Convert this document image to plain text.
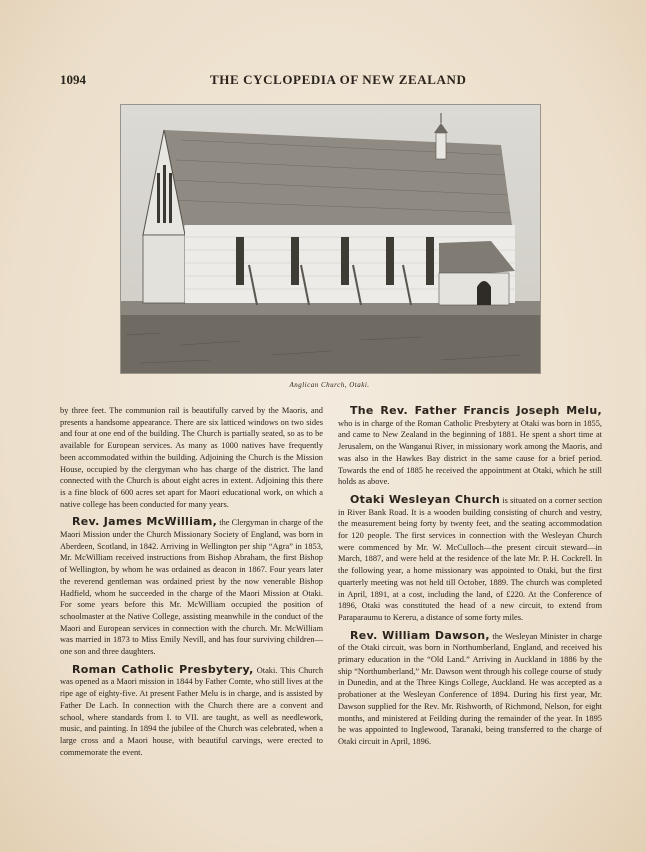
1094	THE CYCLOPEDIA OF NEW ZEALAND
Anglican Church, Otaki.

by three feet. The communion rail is beautifully carved by the Maoris, and presents a handsome appearance. There are six latticed windows on two sides and four at one end of the building. The Church is partially seated, so as to be available for European services. As many as 1000 natives have frequently been accommodated within the building. Adjoining the Church is the Mission House, occupied by the clergyman who has charge of the district. The land connected with the Church is about eight acres in extent. Adjoining this there is a fine block of 600 acres set apart for Maori educational work, on which a native college has been conducted for many years.

Rev. James McWilliam, the Clergyman in charge of the Maori Mission under the Church Missionary Society of England, was born in Aberdeen, Scotland, in 1842. Arriving in Wellington per ship “Agra” in 1853, Mr. McWilliam received instructions from Bishop Abraham, the first Bishop of Wellington, by whom he was ordained as deacon in 1867. Four years later the reverend gentleman was ordained priest by the now venerable Bishop Hadfield, whom he succeeded in the charge of the Maori Mission at Otaki. For some years before this Mr. McWilliam occupied the position of schoolmaster at the Native College, assisting meanwhile in the conduct of the Maori and European services in connection with the church. Mr. McWilliam was married in 1873 to Miss Emily Nevill, and has four surviving children—one son and three daughters.

Roman Catholic Presbytery, Otaki. This Church was opened as a Maori mission in 1844 by Father Comte, who still lives at the ripe age of eighty-five. At present Father Melu is in charge, and is assisted by Father De Lach. In connection with the Church there are a convent and school, where standards from I. to VII. are taught, as well as needlework, music, and painting. In 1894 the jubilee of the Church was celebrated, when a large cross and a Maori house, with beautiful carvings, were erected to commemorate the event.

The Rev. Father Francis Joseph Melu, who is in charge of the Roman Catholic Presbytery at Otaki was born in 1855, and came to New Zealand in the beginning of 1881. He spent a short time at Jerusalem, on the Wanganui River, in missionary work among the Maoris, and was also in the Hawkes Bay district in the same cause for a brief period. Towards the end of 1885 he received the appointment at Otaki, which he still holds as above.

Otaki Wesleyan Church is situated on a corner section in River Bank Road. It is a wooden building consisting of church and vestry, the measurement being forty by twenty feet, and the seating accommodation for 120 people. The first services in connection with the Wesleyan Church were commenced by Mr. W. McCulloch—the present circuit steward—in March, 1887, and were held at the residence of the late Mr. P. H. Cockrell. In the following year, a home missionary was appointed to Otaki, but the first quarterly meeting was not held till October, 1889. The church was completed in April, 1891, at a cost, including the land, of £220. At the Conference of 1896, Otaki was constituted the head of a new circuit, to extend from Paraparaumu to Kereru, a distance of some forty miles.

Rev. William Dawson, the Wesleyan Minister in charge of the Otaki circuit, was born in Northumberland, England, and received his primary education in the “Old Land.” Arriving in Auckland in 1886 by the ship “Northumberland,” Mr. Dawson went through his college course of study in Dunedin, and at the Three Kings College, Auckland. He was accepted as a probationer at the Wesleyan Conference of 1894. During his first year, Mr. Dawson supplied for the Rev. Mr. Rishworth, of Richmond, Nelson, for eight months, and ministered at Feilding during the remainder of the year. In 1895 he was appointed to Inglewood, Taranaki, being transferred to the charge of Otaki circuit in April, 1896.
